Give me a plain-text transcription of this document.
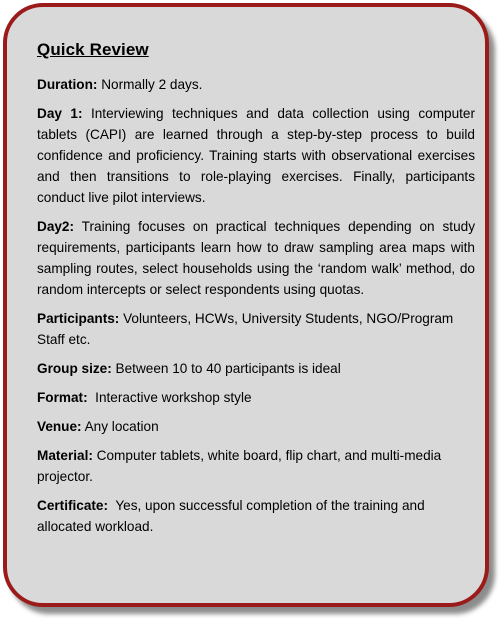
Quick Review

Duration: Normally 2 days.

Day 1: Interviewing techniques and data collection using computer tablets (CAPI) are learned through a step-by-step process to build confidence and proficiency. Training starts with observational exercises and then transitions to role-playing exercises. Finally, participants conduct live pilot interviews.

Day2: Training focuses on practical techniques depending on study requirements, participants learn how to draw sampling area maps with sampling routes, select households using the ‘random walk’ method, do random intercepts or select respondents using quotas.

Participants: Volunteers, HCWs, University Students, NGO/Program Staff etc.

Group size: Between 10 to 40 participants is ideal

Format:  Interactive workshop style

Venue: Any location

Material: Computer tablets, white board, flip chart, and multi-media projector.

Certificate:  Yes, upon successful completion of the training and allocated workload.
